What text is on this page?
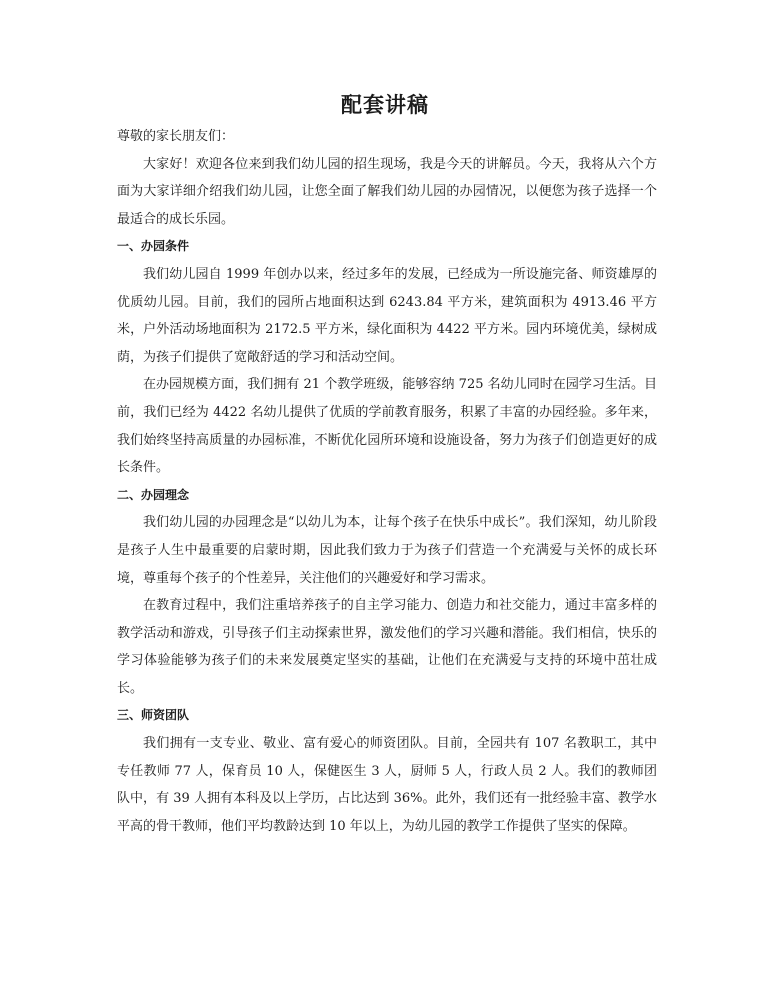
配套讲稿

尊敬的家长朋友们：

大家好！欢迎各位来到我们幼儿园的招生现场，我是今天的讲解员。今天，我将从六个方面为大家详细介绍我们幼儿园，让您全面了解我们幼儿园的办园情况，以便您为孩子选择一个最适合的成长乐园。

一、办园条件

我们幼儿园自 1999 年创办以来，经过多年的发展，已经成为一所设施完备、师资雄厚的优质幼儿园。目前，我们的园所占地面积达到 6243.84 平方米，建筑面积为 4913.46 平方米，户外活动场地面积为 2172.5 平方米，绿化面积为 4422 平方米。园内环境优美，绿树成荫，为孩子们提供了宽敞舒适的学习和活动空间。

在办园规模方面，我们拥有 21 个教学班级，能够容纳 725 名幼儿同时在园学习生活。目前，我们已经为 4422 名幼儿提供了优质的学前教育服务，积累了丰富的办园经验。多年来，我们始终坚持高质量的办园标准，不断优化园所环境和设施设备，努力为孩子们创造更好的成长条件。

二、办园理念

我们幼儿园的办园理念是“以幼儿为本，让每个孩子在快乐中成长”。我们深知，幼儿阶段是孩子人生中最重要的启蒙时期，因此我们致力于为孩子们营造一个充满爱与关怀的成长环境，尊重每个孩子的个性差异，关注他们的兴趣爱好和学习需求。

在教育过程中，我们注重培养孩子的自主学习能力、创造力和社交能力，通过丰富多样的教学活动和游戏，引导孩子们主动探索世界，激发他们的学习兴趣和潜能。我们相信，快乐的学习体验能够为孩子们的未来发展奠定坚实的基础，让他们在充满爱与支持的环境中茁壮成长。

三、师资团队

我们拥有一支专业、敬业、富有爱心的师资团队。目前，全园共有 107 名教职工，其中专任教师 77 人，保育员 10 人，保健医生 3 人，厨师 5 人，行政人员 2 人。我们的教师团队中，有 39 人拥有本科及以上学历，占比达到 36%。此外，我们还有一批经验丰富、教学水平高的骨干教师，他们平均教龄达到 10 年以上，为幼儿园的教学工作提供了坚实的保障。
